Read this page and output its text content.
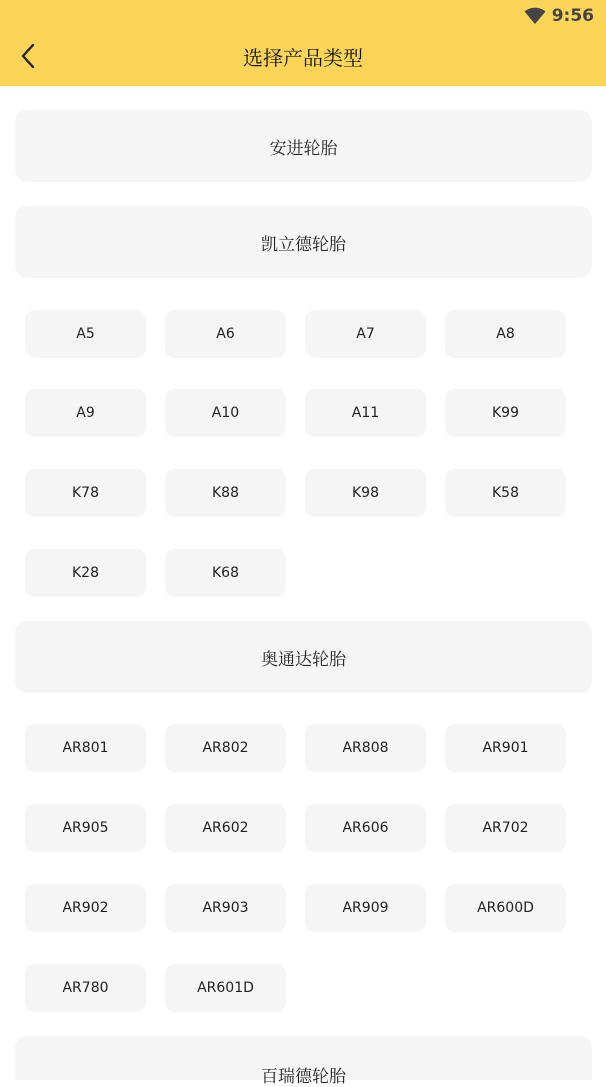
9:56
选择产品类型
安进轮胎
凯立德轮胎
A5	A6	A7	A8
A9	A10	A11	K99
K78	K88	K98	K58
K28	K68
奥通达轮胎
AR801	AR802	AR808	AR901
AR905	AR602	AR606	AR702
AR902	AR903	AR909	AR600D
AR780	AR601D
百瑞德轮胎
